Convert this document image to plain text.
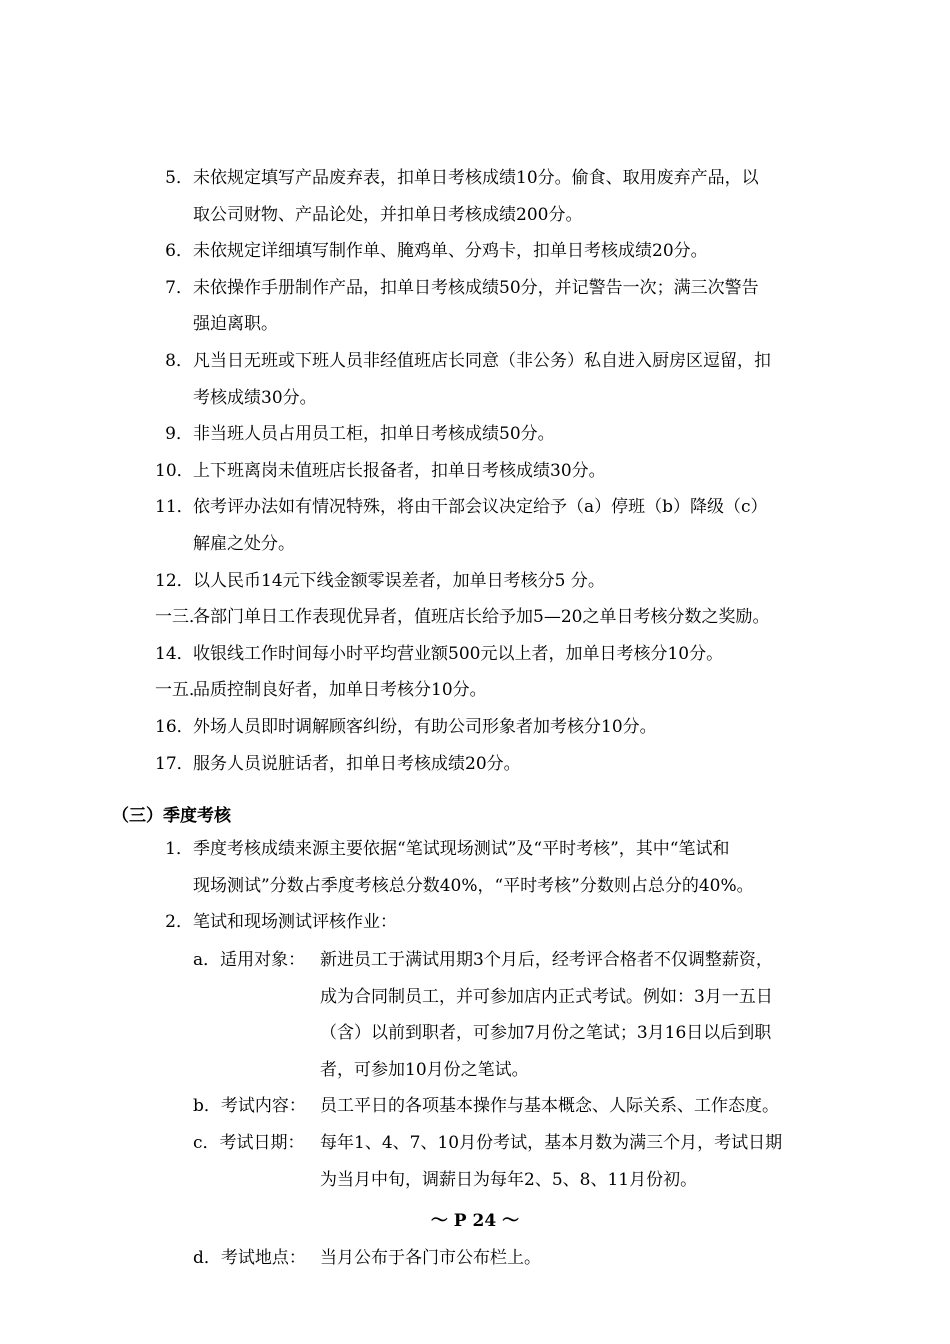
5． 未依规定填写产品废弃表，扣单日考核成绩10分。偷食、取用废弃产品，以
取公司财物、产品论处，并扣单日考核成绩200分。
6． 未依规定详细填写制作单、腌鸡单、分鸡卡，扣单日考核成绩20分。
7． 未依操作手册制作产品，扣单日考核成绩50分，并记警告一次；满三次警告
强迫离职。
8． 凡当日无班或下班人员非经值班店长同意（非公务）私自进入厨房区逗留，扣
考核成绩30分。
9． 非当班人员占用员工柜，扣单日考核成绩50分。
10． 上下班离岗未值班店长报备者，扣单日考核成绩30分。
11． 依考评办法如有情况特殊，将由干部会议决定给予（a）停班（b）降级（c）
解雇之处分。
12． 以人民币14元下线金额零误差者，加单日考核分5 分。
一三．
各部门单日工作表现优异者，值班店长给予加5—20之单日考核分数之奖励。
14． 收银线工作时间每小时平均营业额500元以上者，加单日考核分10分。
一五．
品质控制良好者，加单日考核分10分。
16． 外场人员即时调解顾客纠纷，有助公司形象者加考核分10分。
17． 服务人员说脏话者，扣单日考核成绩20分。
（三）季度考核
1． 季度考核成绩来源主要依据“笔试现场测试”及“平时考核”，其中“笔试和
现场测试”分数占季度考核总分数40%，“平时考核”分数则占总分的40%。
2． 笔试和现场测试评核作业：
a．适用对象： 新进员工于满试用期3个月后，经考评合格者不仅调整薪资，
成为合同制员工，并可参加店内正式考试。例如：3月一五日
（含）以前到职者，可参加7月份之笔试；3月16日以后到职
者，可参加10月份之笔试。
b．考试内容： 员工平日的各项基本操作与基本概念、人际关系、工作态度。
c．考试日期： 每年1、4、7、10月份考试，基本月数为满三个月，考试日期
为当月中旬，调薪日为每年2、5、8、11月份初。
～ P 24 ～
d．考试地点： 当月公布于各门市公布栏上。
